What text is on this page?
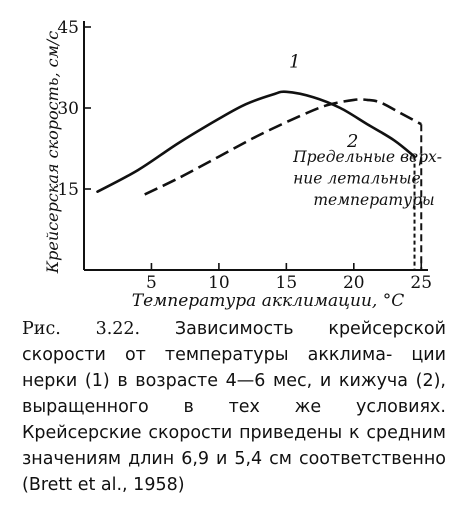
5	10	15	20	25
15
30
45
1
2
Предельные верх-
ние летальные
температуры
Крейсерская скорость, см/с
Температура акклимации, °C
Рис. 3.22. Зависимость крейсерской скорости от температуры акклима- ции нерки (1) в возрасте 4—6 мес, и кижуча (2), выращенного в тех же условиях. Крейсерские скорости приведены к средним значениям длин 6,9 и 5,4 см соответственно (Brett et al., 1958)
